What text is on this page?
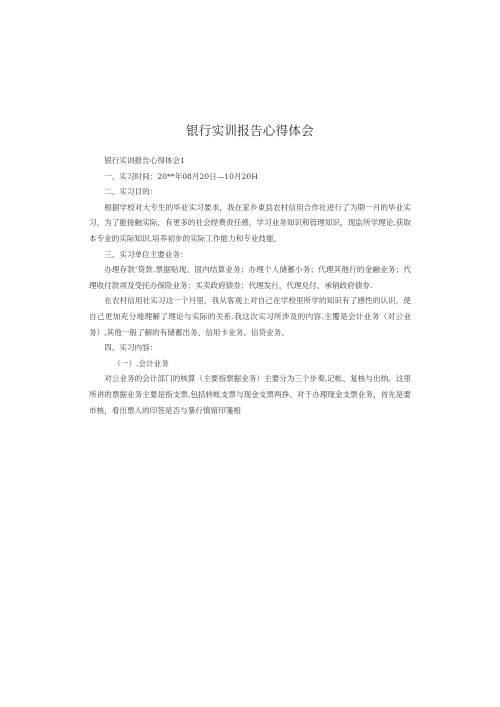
银行实训报告心得体会

银行实训报告心得体会1

一、实习时间：20**年08月20日—10月20H

二、实习目的：

根据学校对大专生的毕业实习要求，我在家乡東县农村信用合作社进行了为期一月的毕业实习，为了能接触实际，有更多的社会经费责任感，学习业务知识和管理知识，现监所学理论,获取本专业的实际知识,培养初步的实际工作能力和专业技能。

三、实习单位主要业务：

办理存款'贷款.票据贴现、国内结算业务；办理个人储蓄小务；代理其他行的金融业务；代理收付款项及受托办保险业务；买卖政府债券；代理发行，代理兑付、承销政府债券.

在农村信用社实习这一个月里，我从客观上对自己在学校里所学的知识有了感性的认识，使自己更加充分地理解了理论与实际的关系.我这次实习所涉及的内容.主覆是会计业务（对公业务）,其他一般了解的有储蓄出务、信用卡业务、信贷业务。

四、实习内容：

（一）.会计业务

对公业务的会计部门的核算（主要指票据业务）主要分为三个步奏,记帐、复核与出纳。这里所讲的票据业务主要是指支票,包括转帐支票与现金支票两挣。对于办理现金支票业务，首先是要市核，看出票人的印签是否与暴行慎留印箋相
